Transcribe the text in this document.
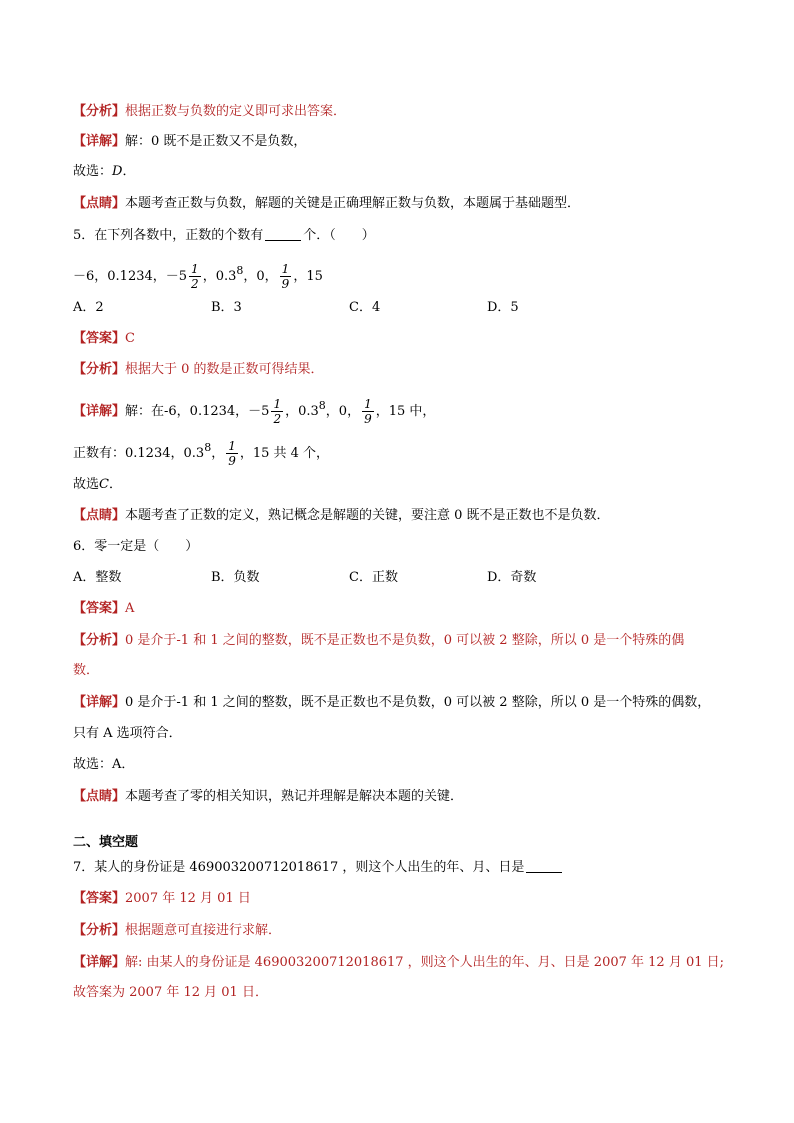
【分析】根据正数与负数的定义即可求出答案．
【详解】解：0 既不是正数又不是负数，
故选：D．
【点睛】本题考查正数与负数，解题的关键是正确理解正数与负数，本题属于基础题型．
5．在下列各数中，正数的个数有	个．（　　）
－6，0.1234，$-5 \frac{1}{2}$ ，$0.3^8$，0， $\frac{1}{9}$ ，15
A．2	B．3	C．4	D．5
【答案】C
【分析】根据大于 0 的数是正数可得结果．
【详解】解：在-6，0.1234，$-5 \frac{1}{2}$ ，$0.3^8$，0， $\frac{1}{9}$ ，15 中，
正数有：0.1234，$0.3^8$， $\frac{1}{9}$ ，15 共 4 个，
故选C．
【点睛】本题考查了正数的定义，熟记概念是解题的关键，要注意 0 既不是正数也不是负数．
6．零一定是（　　）
A．整数	B．负数	C．正数	D．奇数
【答案】A
【分析】0 是介于-1 和 1 之间的整数，既不是正数也不是负数，0 可以被 2 整除，所以 0 是一个特殊的偶
数．
【详解】0 是介于-1 和 1 之间的整数，既不是正数也不是负数，0 可以被 2 整除，所以 0 是一个特殊的偶数，
只有 A 选项符合．
故选：A．
【点睛】本题考查了零的相关知识，熟记并理解是解决本题的关键．
二、填空题
7．某人的身份证是 469003200712018617 ，则这个人出生的年、月、日是
【答案】2007 年 12 月 01 日
【分析】根据题意可直接进行求解．
【详解】解: 由某人的身份证是 469003200712018617 ，则这个人出生的年、月、日是 2007 年 12 月 01 日;
故答案为 2007 年 12 月 01 日．
